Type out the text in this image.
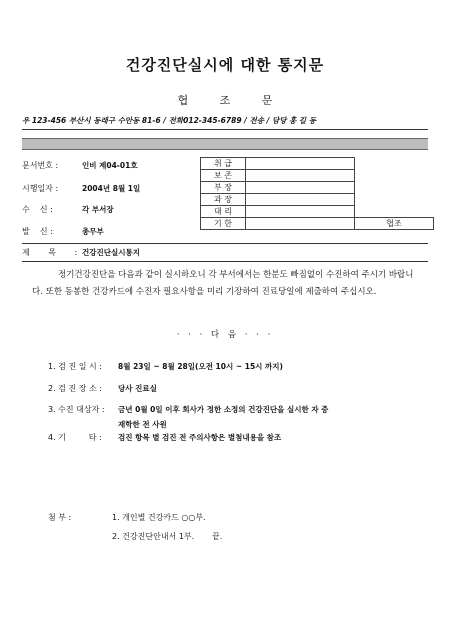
건강진단실시에 대한 통지문
협 조 문
우 123-456 부산시 동래구 수안동 81-6 / 전화012-345-6789 / 전송 / 담당 홍 길 동
문서번호 :	인비 제04-01호
시행일자 :	2004년 8월 1일
수    신 :	각 부서장
발    신 :	총무부
취 급		
보 존		
부 장		
과 장		
대 리		
기 한		협조
제 목 :건강진단실시통지

정기건강진단을 다음과 같이 실시하오니 각 부서에서는 한분도 빠짐없이 수진하여 주시기 바랍니다. 또한 동봉한 건강카드에 수진자 필요사항을 미리 기장하여 진료당일에 제출하여 주십시오.

· · · 다 음 · · ·
1. 검 진 일 시 : 8월 23일 ~ 8월 28일(오전 10시 ~ 15시 까지)
2. 검 진 장 소 : 당사 진료실
3. 수진 대상자 : 금년 0월 0일 이후 회사가 정한 소정의 건강진단을 실시한 자 중
재학한 전 사원
4. 기         타 : 검진 항목 별 검진 전 주의사항은 별첨내용을 참조
첨 부 :	1. 개인별 건강카드 ○○부.
2. 건강진단안내서 1부. 끝.
